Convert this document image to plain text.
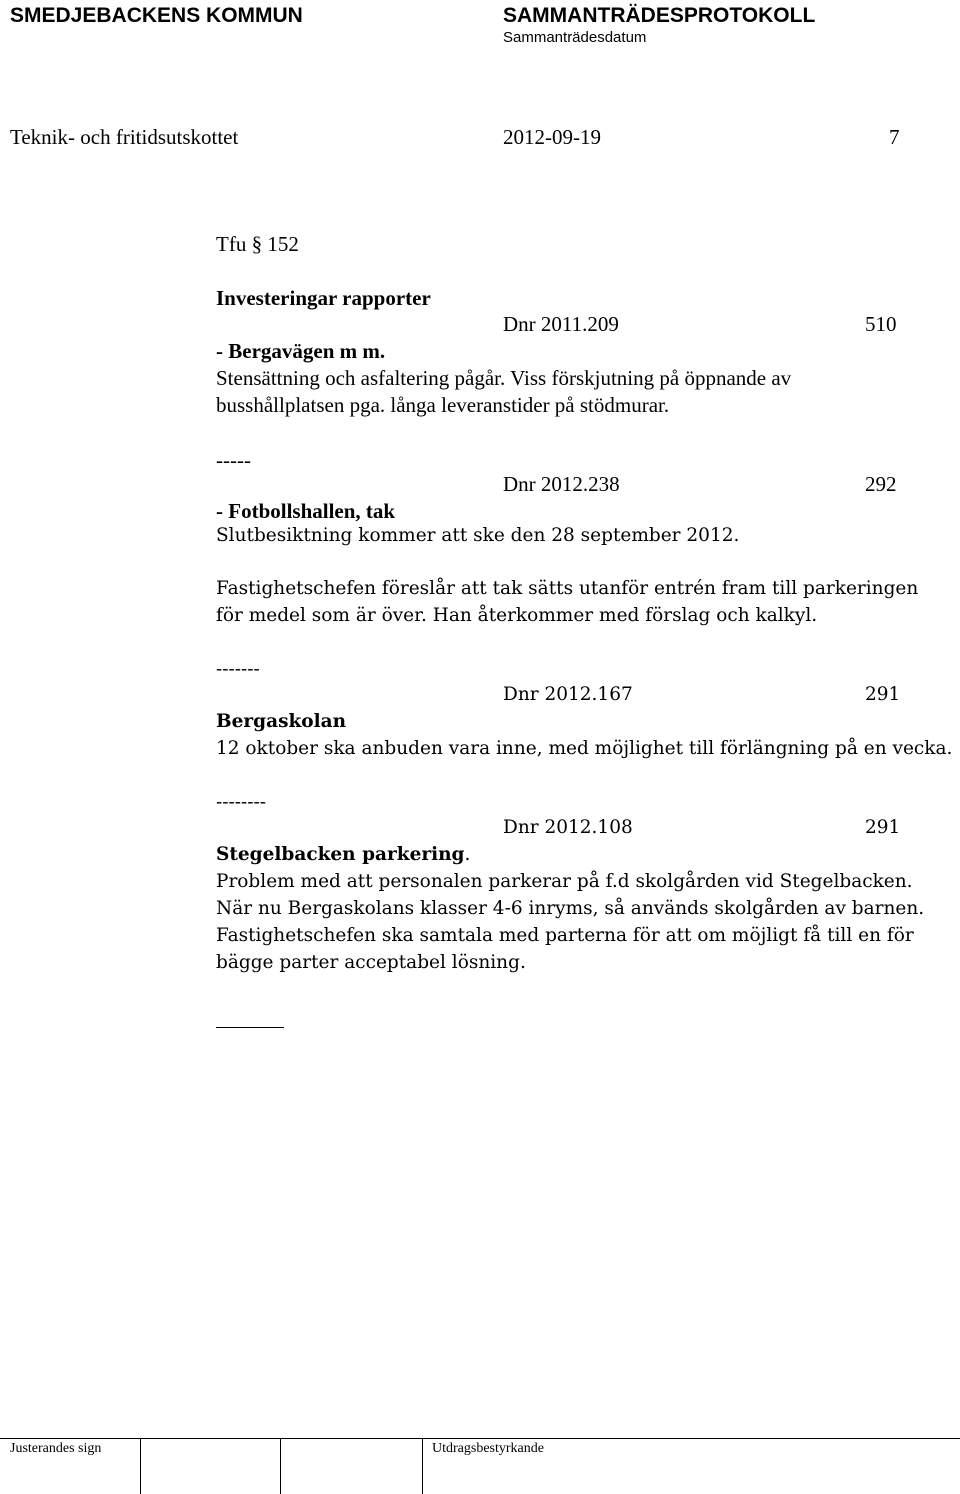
SMEDJEBACKENS KOMMUN	SAMMANTRÄDESPROTOKOLL
Sammanträdesdatum
Teknik- och fritidsutskottet	2012-09-19	7
Tfu § 152
Investeringar rapporter
Dnr 2011.209	510
- Bergavägen m m.
Stensättning och asfaltering pågår. Viss förskjutning på öppnande av
busshållplatsen pga. långa leveranstider på stödmurar.
-----
Dnr 2012.238	292
- Fotbollshallen, tak
Slutbesiktning kommer att ske den 28 september 2012.
Fastighetschefen föreslår att tak sätts utanför entrén fram till parkeringen
för medel som är över. Han återkommer med förslag och kalkyl.
-------
Dnr 2012.167	291
Bergaskolan
12 oktober ska anbuden vara inne, med möjlighet till förlängning på en vecka.
--------
Dnr 2012.108	291
Stegelbacken parkering.
Problem med att personalen parkerar på f.d skolgården vid Stegelbacken.
När nu Bergaskolans klasser 4-6 inryms, så används skolgården av barnen.
Fastighetschefen ska samtala med parterna för att om möjligt få till en för
bägge parter acceptabel lösning.
Justerandes sign	Utdragsbestyrkande
